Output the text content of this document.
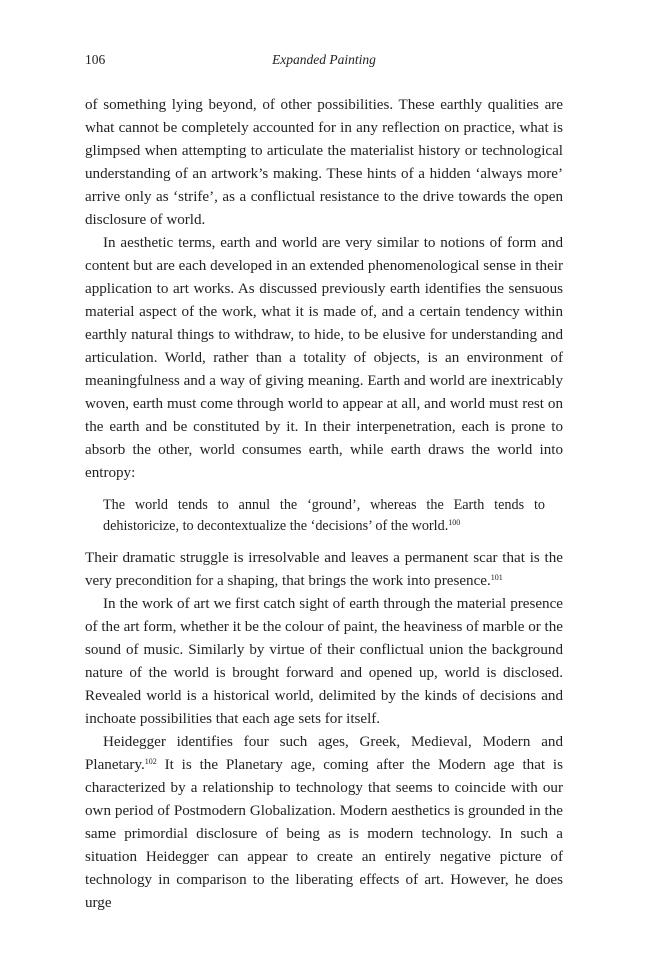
106	Expanded Painting

of something lying beyond, of other possibilities. These earthly qualities are what cannot be completely accounted for in any reflection on practice, what is glimpsed when attempting to articulate the materialist history or technological understanding of an artwork’s making. These hints of a hidden ‘always more’ arrive only as ‘strife’, as a conflictual resistance to the drive towards the open disclosure of world.

In aesthetic terms, earth and world are very similar to notions of form and content but are each developed in an extended phenomenological sense in their application to art works. As discussed previously earth identifies the sensuous material aspect of the work, what it is made of, and a certain tendency within earthly natural things to withdraw, to hide, to be elusive for understanding and articulation. World, rather than a totality of objects, is an environment of meaningfulness and a way of giving meaning. Earth and world are inextricably woven, earth must come through world to appear at all, and world must rest on the earth and be constituted by it. In their interpenetration, each is prone to absorb the other, world consumes earth, while earth draws the world into entropy:

The world tends to annul the ‘ground’, whereas the Earth tends to dehistoricize, to decontextualize the ‘decisions’ of the world.$^{100}$

Their dramatic struggle is irresolvable and leaves a permanent scar that is the very precondition for a shaping, that brings the work into presence.$^{101}$

In the work of art we first catch sight of earth through the material presence of the art form, whether it be the colour of paint, the heaviness of marble or the sound of music. Similarly by virtue of their conflictual union the background nature of the world is brought forward and opened up, world is disclosed. Revealed world is a historical world, delimited by the kinds of decisions and inchoate possibilities that each age sets for itself.

Heidegger identifies four such ages, Greek, Medieval, Modern and Planetary.$^{102}$ It is the Planetary age, coming after the Modern age that is characterized by a relationship to technology that seems to coincide with our own period of Postmodern Globalization. Modern aesthetics is grounded in the same primordial disclosure of being as is modern technology. In such a situation Heidegger can appear to create an entirely negative picture of technology in comparison to the liberating effects of art. However, he does urge
